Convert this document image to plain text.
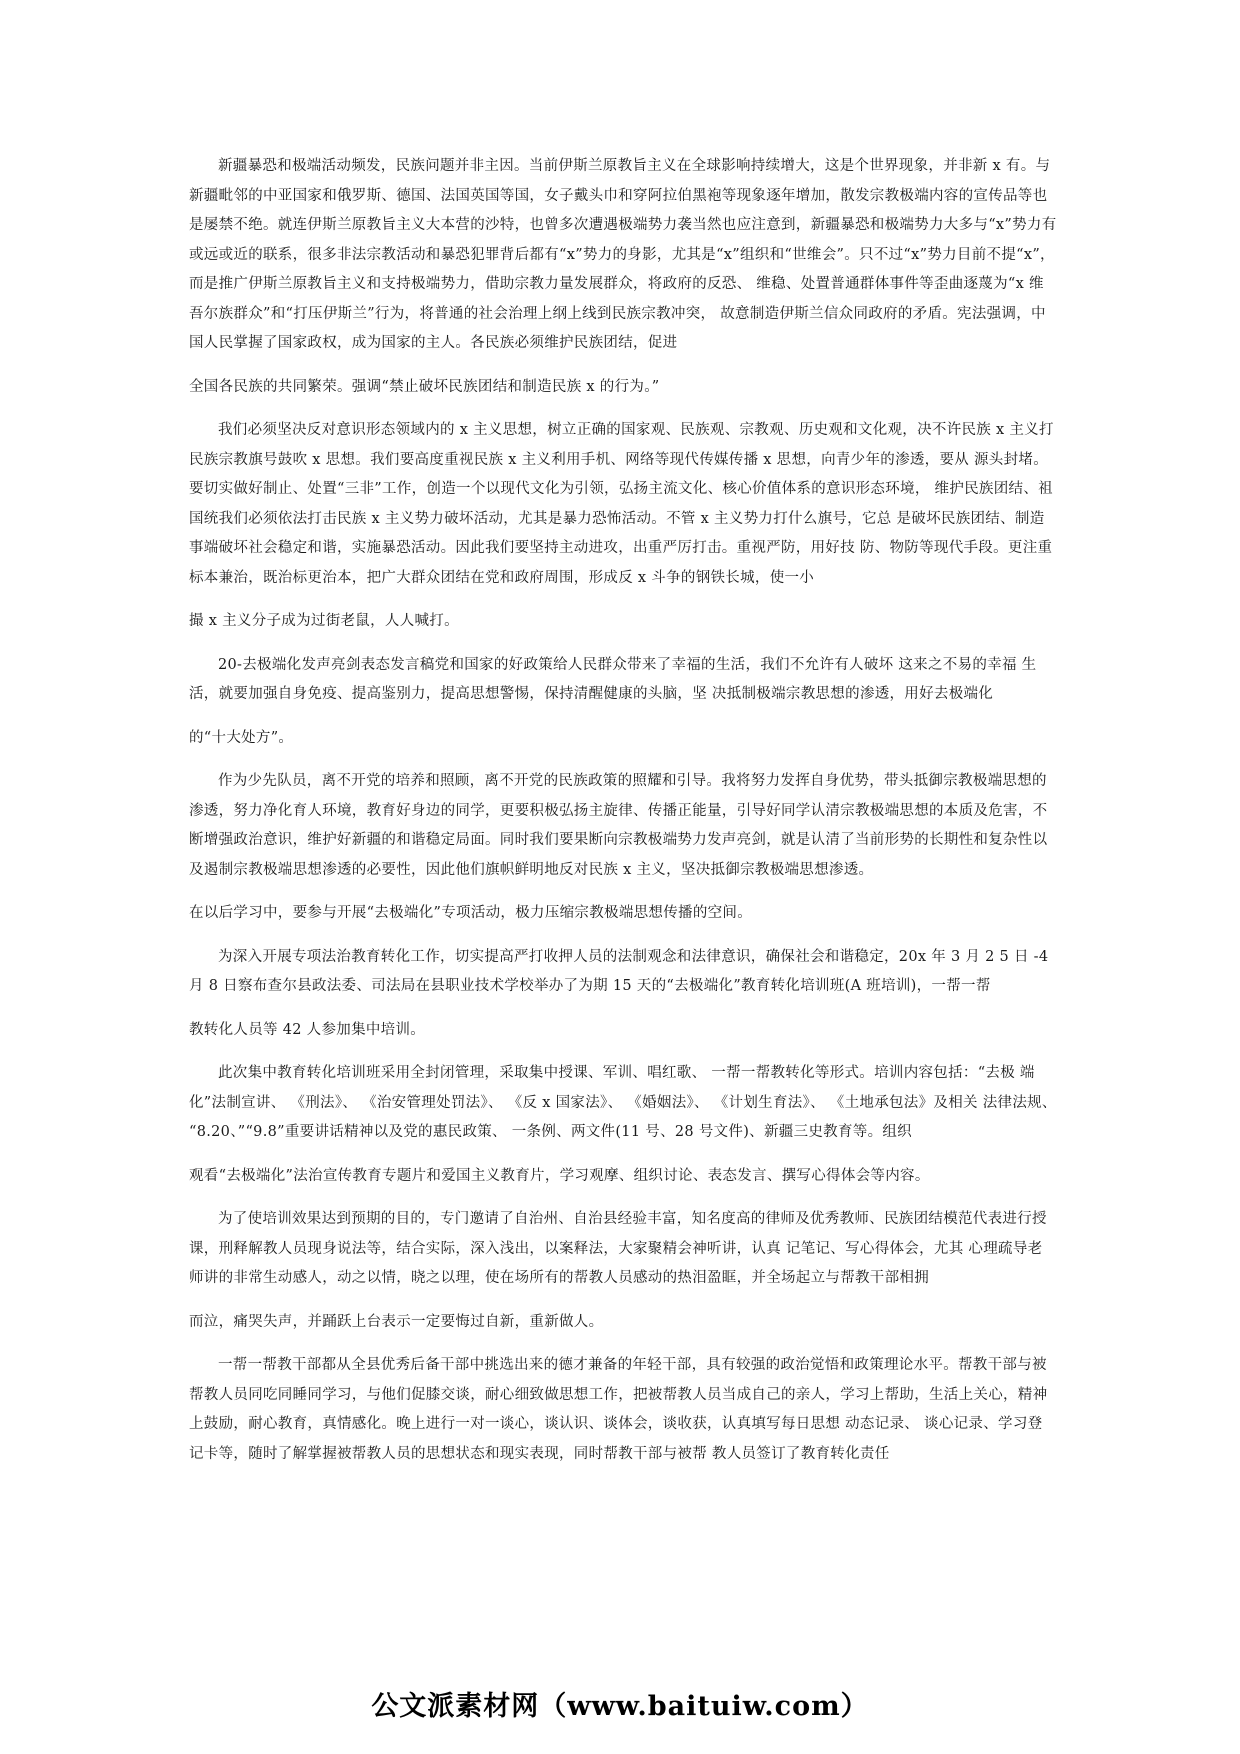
新疆暴恐和极端活动频发，民族问题并非主因。当前伊斯兰原教旨主义在全球影响持续增大，这是个世界现象，并非新 x 有。与新疆毗邻的中亚国家和俄罗斯、德国、法国英国等国，女子戴头巾和穿阿拉伯黑袍等现象逐年增加，散发宗教极端内容的宣传品等也是屡禁不绝。就连伊斯兰原教旨主义大本营的沙特，也曾多次遭遇极端势力袭当然也应注意到，新疆暴恐和极端势力大多与“x”势力有或远或近的联系，很多非法宗教活动和暴恐犯罪背后都有“x”势力的身影，尤其是“x”组织和“世维会”。只不过“x”势力目前不提“x”， 而是推广伊斯兰原教旨主义和支持极端势力，借助宗教力量发展群众，将政府的反恐、 维稳、处置普通群体事件等歪曲逐蔑为“x 维吾尔族群众”和“打压伊斯兰”行为，将普通的社会治理上纲上线到民族宗教冲突， 故意制造伊斯兰信众同政府的矛盾。宪法强调，中国人民掌握了国家政权，成为国家的主人。各民族必须维护民族团结，促进

全国各民族的共同繁荣。强调“禁止破坏民族团结和制造民族 x 的行为。”

我们必须坚决反对意识形态领域内的 x 主义思想，树立正确的国家观、民族观、宗教观、历史观和文化观，决不许民族 x 主义打民族宗教旗号鼓吹 x 思想。我们要高度重视民族 x 主义利用手机、网络等现代传媒传播 x 思想，向青少年的渗透，要从 源头封堵。要切实做好制止、处置“三非”工作，创造一个以现代文化为引领，弘扬主流文化、核心价值体系的意识形态环境， 维护民族团结、祖国统我们必须依法打击民族 x 主义势力破坏活动，尤其是暴力恐怖活动。不管 x 主义势力打什么旗号，它总 是破坏民族团结、制造事端破坏社会稳定和谐，实施暴恐活动。因此我们要坚持主动进攻，出重严厉打击。重视严防，用好技 防、物防等现代手段。更注重标本兼治，既治标更治本，把广大群众团结在党和政府周围，形成反 x 斗争的钢铁长城，使一小

撮 x 主义分子成为过街老鼠，人人喊打。

20-去极端化发声亮剑表态发言稿党和国家的好政策给人民群众带来了幸福的生活，我们不允许有人破坏 这来之不易的幸福 生活，就要加强自身免疫、提高鉴别力，提高思想警惕，保持清醒健康的头脑，坚 决抵制极端宗教思想的渗透，用好去极端化

的“十大处方”。

作为少先队员，离不开党的培养和照顾，离不开党的民族政策的照耀和引导。我将努力发挥自身优势，带头抵御宗教极端思想的渗透，努力净化育人环境，教育好身边的同学，更要积极弘扬主旋律、传播正能量，引导好同学认清宗教极端思想的本质及危害，不断增强政治意识，维护好新疆的和谐稳定局面。同时我们要果断向宗教极端势力发声亮剑，就是认清了当前形势的长期性和复杂性以及遏制宗教极端思想渗透的必要性，因此他们旗帜鲜明地反对民族 x 主义，坚决抵御宗教极端思想渗透。

在以后学习中，要参与开展“去极端化”专项活动，极力压缩宗教极端思想传播的空间。

为深入开展专项法治教育转化工作，切实提高严打收押人员的法制观念和法律意识，确保社会和谐稳定，20x 年 3 月 2 5 日 -4 月 8 日察布查尔县政法委、司法局在县职业技术学校举办了为期 15 天的“去极端化”教育转化培训班(A 班培训)，一帮一帮

教转化人员等 42 人参加集中培训。

此次集中教育转化培训班采用全封闭管理，采取集中授课、军训、唱红歌、 一帮一帮教转化等形式。培训内容包括：“去极 端化”法制宣讲、 《刑法》、 《治安管理处罚法》、 《反 x 国家法》、 《婚姻法》、 《计划生育法》、 《土地承包法》及相关 法律法规、 “8.20、”“9.8”重要讲话精神以及党的惠民政策、 一条例、两文件(11 号、28 号文件)、新疆三史教育等。组织

观看“去极端化”法治宣传教育专题片和爱国主义教育片，学习观摩、组织讨论、表态发言、撰写心得体会等内容。

为了使培训效果达到预期的目的，专门邀请了自治州、自治县经验丰富，知名度高的律师及优秀教师、民族团结模范代表进行授课，刑释解教人员现身说法等，结合实际，深入浅出，以案释法，大家聚精会神听讲，认真 记笔记、写心得体会，尤其 心理疏导老师讲的非常生动感人，动之以情，晓之以理，使在场所有的帮教人员感动的热泪盈眶，并全场起立与帮教干部相拥

而泣，痛哭失声，并踊跃上台表示一定要悔过自新，重新做人。

一帮一帮教干部都从全县优秀后备干部中挑选出来的德才兼备的年轻干部，具有较强的政治觉悟和政策理论水平。帮教干部与被帮教人员同吃同睡同学习，与他们促膝交谈，耐心细致做思想工作，把被帮教人员当成自己的亲人，学习上帮助，生活上关心，精神上鼓励，耐心教育，真情感化。晚上进行一对一谈心，谈认识、谈体会，谈收获，认真填写每日思想 动态记录、 谈心记录、学习登记卡等，随时了解掌握被帮教人员的思想状态和现实表现，同时帮教干部与被帮 教人员签订了教育转化责任

公文派素材网（www.baituiw.com）
